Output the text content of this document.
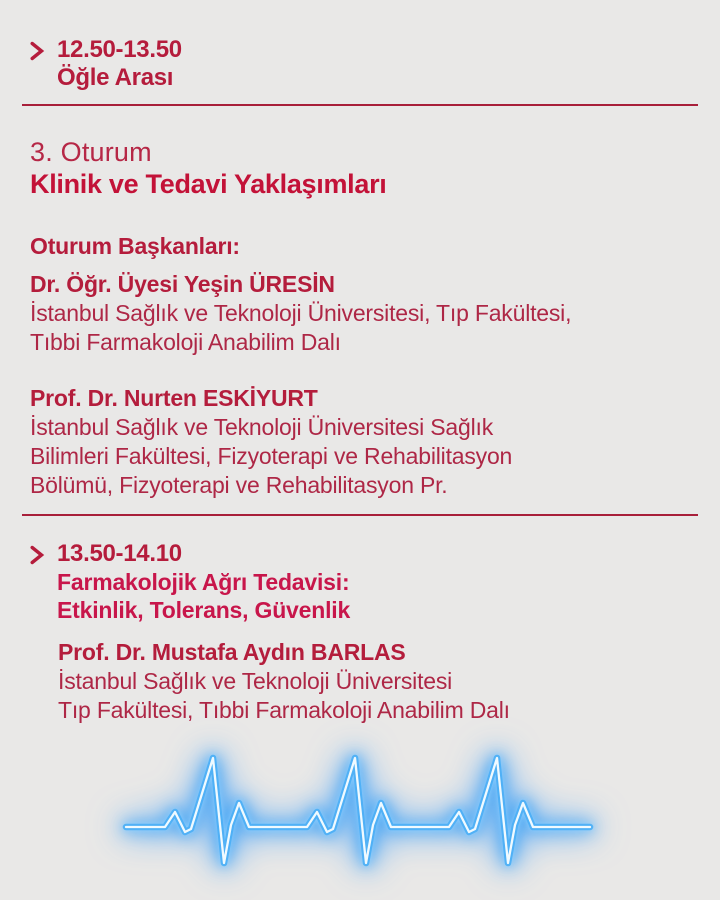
12.50-13.50
Öğle Arası
3. Oturum
Klinik ve Tedavi Yaklaşımları
Oturum Başkanları:
Dr. Öğr. Üyesi Yeşin ÜRESİN
İstanbul Sağlık ve Teknoloji Üniversitesi, Tıp Fakültesi,
Tıbbi Farmakoloji Anabilim Dalı
Prof. Dr. Nurten ESKİYURT
İstanbul Sağlık ve Teknoloji Üniversitesi Sağlık
Bilimleri Fakültesi, Fizyoterapi ve Rehabilitasyon
Bölümü, Fizyoterapi ve Rehabilitasyon Pr.
13.50-14.10
Farmakolojik Ağrı Tedavisi:
Etkinlik, Tolerans, Güvenlik
Prof. Dr. Mustafa Aydın BARLAS
İstanbul Sağlık ve Teknoloji Üniversitesi
Tıp Fakültesi, Tıbbi Farmakoloji Anabilim Dalı
